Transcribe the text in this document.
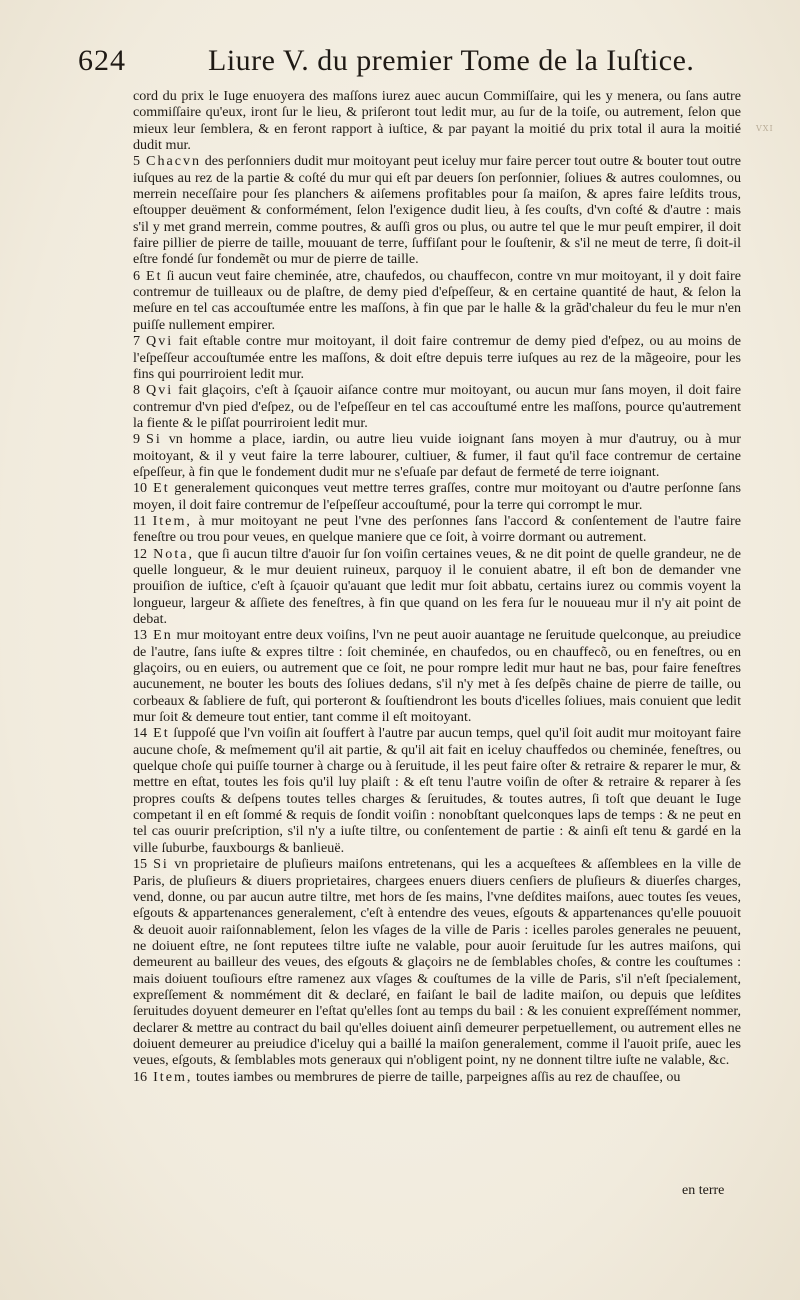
624	Liure V. du premier Tome de la Iuſtice.
VXI

cord du prix le Iuge enuoyera des maſſons iurez auec aucun Commiſſaire, qui les y menera, ou ſans autre commiſſaire qu'eux, iront ſur le lieu, & priſeront tout ledit mur, au ſur de la toiſe, ou autrement, ſelon que mieux leur ſemblera, & en feront rapport à iuſtice, & par payant la moitié du prix total il aura la moitié dudit mur.

5 Chacvn des perſonniers dudit mur moitoyant peut iceluy mur faire percer tout outre & bouter tout outre iuſques au rez de la partie & coſté du mur qui eſt par deuers ſon perſonnier, ſoliues & autres coulomnes, ou merrein neceſſaire pour ſes planchers & aiſemens profitables pour ſa maiſon, & apres faire leſdits trous, eſtoupper deuëment & conformément, ſelon l'exigence dudit lieu, à ſes couſts, d'vn coſté & d'autre : mais s'il y met grand merrein, comme poutres, & auſſi gros ou plus, ou autre tel que le mur peuſt empirer, il doit faire pillier de pierre de taille, mouuant de terre, ſuffiſant pour le ſouſtenir, & s'il ne meut de terre, ſi doit-il eſtre fondé ſur fondemẽt ou mur de pierre de taille.

6 Et ſi aucun veut faire cheminée, atre, chaufedos, ou chauffecon, contre vn mur moitoyant, il y doit faire contremur de tuilleaux ou de plaſtre, de demy pied d'eſpeſſeur, & en certaine quantité de haut, & ſelon la meſure en tel cas accouſtumée entre les maſſons, à fin que par le halle & la grãd'chaleur du feu le mur n'en puiſſe nullement empirer.

7 Qvi fait eſtable contre mur moitoyant, il doit faire contremur de demy pied d'eſpez, ou au moins de l'eſpeſſeur accouſtumée entre les maſſons, & doit eſtre depuis terre iuſques au rez de la mãgeoire, pour les fins qui pourriroient ledit mur.

8 Qvi fait glaçoirs, c'eſt à ſçauoir aiſance contre mur moitoyant, ou aucun mur ſans moyen, il doit faire contremur d'vn pied d'eſpez, ou de l'eſpeſſeur en tel cas accouſtumé entre les maſſons, pource qu'autrement la fiente & le piſſat pourriroient ledit mur.

9 Si vn homme a place, iardin, ou autre lieu vuide ioignant ſans moyen à mur d'autruy, ou à mur moitoyant, & il y veut faire la terre labourer, cultiuer, & fumer, il faut qu'il face contremur de certaine eſpeſſeur, à fin que le fondement dudit mur ne s'eſuaſe par defaut de fermeté de terre ioignant.

10 Et generalement quiconques veut mettre terres graſſes, contre mur moitoyant ou d'autre perſonne ſans moyen, il doit faire contremur de l'eſpeſſeur accouſtumé, pour la terre qui corrompt le mur.

11 Item, à mur moitoyant ne peut l'vne des perſonnes ſans l'accord & conſentement de l'autre faire feneſtre ou trou pour veues, en quelque maniere que ce ſoit, à voirre dormant ou autrement.

12 Nota, que ſi aucun tiltre d'auoir ſur ſon voiſin certaines veues, & ne dit point de quelle grandeur, ne de quelle longueur, & le mur deuient ruineux, parquoy il le conuient abatre, il eſt bon de demander vne prouiſion de iuſtice, c'eſt à ſçauoir qu'auant que ledit mur ſoit abbatu, certains iurez ou commis voyent la longueur, largeur & aſſiete des feneſtres, à fin que quand on les fera ſur le nouueau mur il n'y ait point de debat.

13 En mur moitoyant entre deux voiſins, l'vn ne peut auoir auantage ne ſeruitude quelconque, au preiudice de l'autre, ſans iuſte & expres tiltre : ſoit cheminée, en chaufedos, ou en chauffecõ, ou en feneſtres, ou en glaçoirs, ou en euiers, ou autrement que ce ſoit, ne pour rompre ledit mur haut ne bas, pour faire feneſtres aucunement, ne bouter les bouts des ſoliues dedans, s'il n'y met à ſes deſpẽs chaine de pierre de taille, ou corbeaux & ſabliere de fuſt, qui porteront & ſouſtiendront les bouts d'icelles ſoliues, mais conuient que ledit mur ſoit & demeure tout entier, tant comme il eſt moitoyant.

14 Et ſuppoſé que l'vn voiſin ait ſouffert à l'autre par aucun temps, quel qu'il ſoit audit mur moitoyant faire aucune choſe, & meſmement qu'il ait partie, & qu'il ait fait en iceluy chauffedos ou cheminée, feneſtres, ou quelque choſe qui puiſſe tourner à charge ou à ſeruitude, il les peut faire oſter & retraire & reparer le mur, & mettre en eſtat, toutes les fois qu'il luy plaiſt : & eſt tenu l'autre voiſin de oſter & retraire & reparer à ſes propres couſts & deſpens toutes telles charges & ſeruitudes, & toutes autres, ſi toſt que deuant le Iuge competant il en eſt ſommé & requis de ſondit voiſin : nonobſtant quelconques laps de temps : & ne peut en tel cas ouurir preſcription, s'il n'y a iuſte tiltre, ou conſentement de partie : & ainſi eſt tenu & gardé en la ville ſuburbe, fauxbourgs & banlieuë.

15 Si vn proprietaire de pluſieurs maiſons entretenans, qui les a acqueſtees & aſſemblees en la ville de Paris, de pluſieurs & diuers proprietaires, chargees enuers diuers cenſiers de pluſieurs & diuerſes charges, vend, donne, ou par aucun autre tiltre, met hors de ſes mains, l'vne deſdites maiſons, auec toutes ſes veues, eſgouts & appartenances generalement, c'eſt à entendre des veues, eſgouts & appartenances qu'elle pouuoit & deuoit auoir raiſonnablement, ſelon les vſages de la ville de Paris : icelles paroles generales ne peuuent, ne doiuent eſtre, ne ſont reputees tiltre iuſte ne valable, pour auoir ſeruitude ſur les autres maiſons, qui demeurent au bailleur des veues, des eſgouts & glaçoirs ne de ſemblables choſes, & contre les couſtumes : mais doiuent touſiours eſtre ramenez aux vſages & couſtumes de la ville de Paris, s'il n'eſt ſpecialement, expreſſement & nommément dit & declaré, en faiſant le bail de ladite maiſon, ou depuis que leſdites ſeruitudes doyuent demeurer en l'eſtat qu'elles ſont au temps du bail : & les conuient expreſſément nommer, declarer & mettre au contract du bail qu'elles doiuent ainſi demeurer perpetuellement, ou autrement elles ne doiuent demeurer au preiudice d'iceluy qui a baillé la maiſon generalement, comme il l'auoit priſe, auec les veues, eſgouts, & ſemblables mots generaux qui n'obligent point, ny ne donnent tiltre iuſte ne valable, &c.

16 Item, toutes iambes ou membrures de pierre de taille, parpeignes aſſis au rez de chauſſee, ou

en terre
